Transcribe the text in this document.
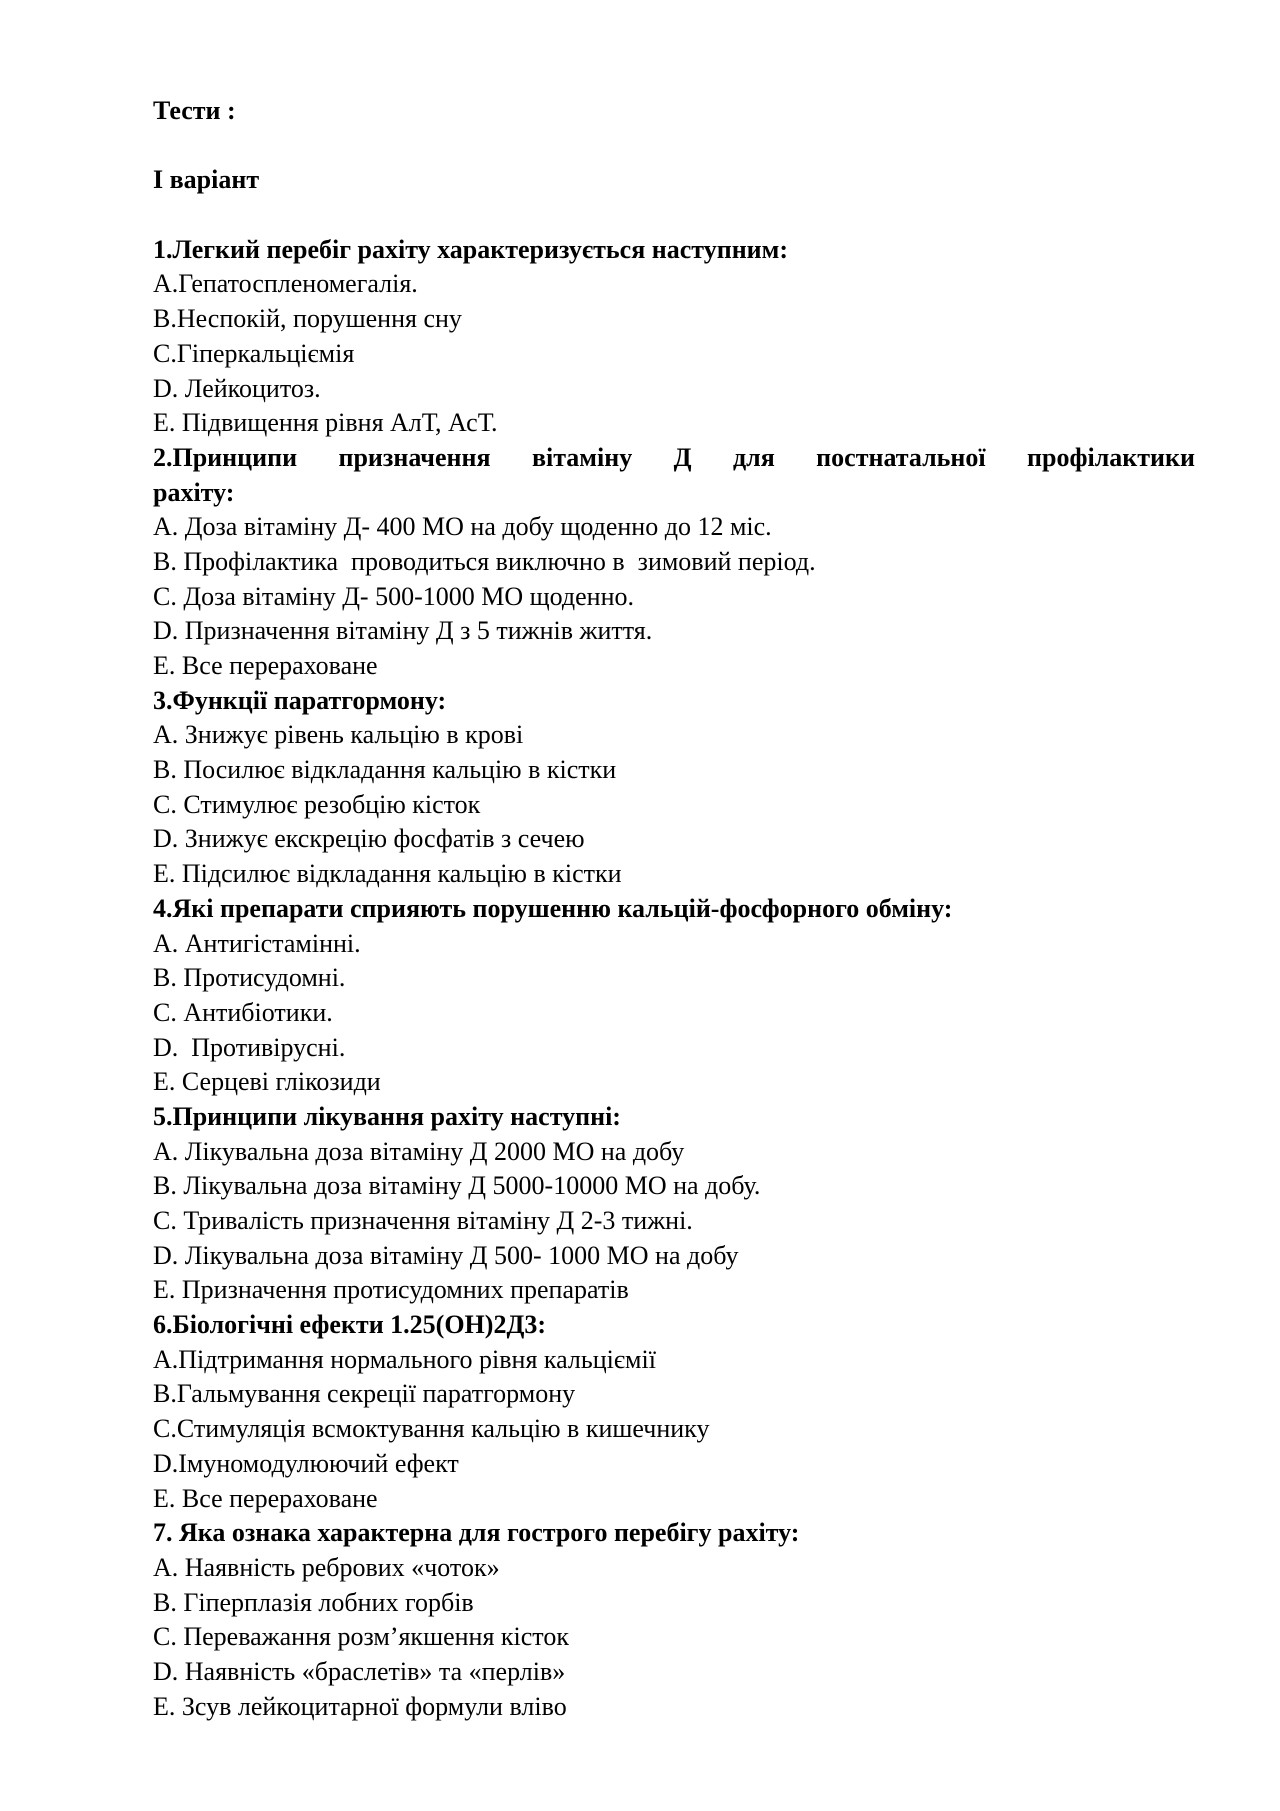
Тести :
І варіант
1.Легкий перебіг рахіту характеризується наступним:
A.Гепатоспленомегалія.
B.Неспокій, порушення сну
C.Гіперкальціємія
D. Лейкоцитоз.
E. Підвищення рівня АлТ, АсТ.
2.Принципи призначення вітаміну Д для постнатальної профілактики
рахіту:
A. Доза вітаміну Д- 400 МО на добу щоденно до 12 міс.
B. Профілактика  проводиться виключно в  зимовий період.
C. Доза вітаміну Д- 500-1000 МО щоденно.
D. Призначення вітаміну Д з 5 тижнів життя.
E. Все перераховане
3.Функції паратгормону:
A. Знижує рівень кальцію в крові
B. Посилює відкладання кальцію в кістки
C. Стимулює резобцію кісток
D. Знижує екскрецію фосфатів з сечею
E. Підсилює відкладання кальцію в кістки
4.Які препарати сприяють порушенню кальцій-фосфорного обміну:
A. Антигістамінні.
B. Протисудомні.
C. Антибіотики.
D.  Противірусні.
E. Серцеві глікозиди
5.Принципи лікування рахіту наступні:
A. Лікувальна доза вітаміну Д 2000 МО на добу
B. Лікувальна доза вітаміну Д 5000-10000 МО на добу.
C. Тривалість призначення вітаміну Д 2-3 тижні.
D. Лікувальна доза вітаміну Д 500- 1000 МО на добу
E. Призначення протисудомних препаратів
6.Біологічні ефекти 1.25(OH)2Д3:
A.Підтримання нормального рівня кальціємії
B.Гальмування секреції паратгормону
C.Стимуляція всмоктування кальцію в кишечнику
D.Імуномодулюючий ефект
E. Все перераховане
7. Яка ознака характерна для гострого перебігу рахіту:
A. Наявність ребрових «чоток»
B. Гіперплазія лобних горбів
C. Переважання розм’якшення кісток
D. Наявність «браслетів» та «перлів»
E. Зсув лейкоцитарної формули вліво
